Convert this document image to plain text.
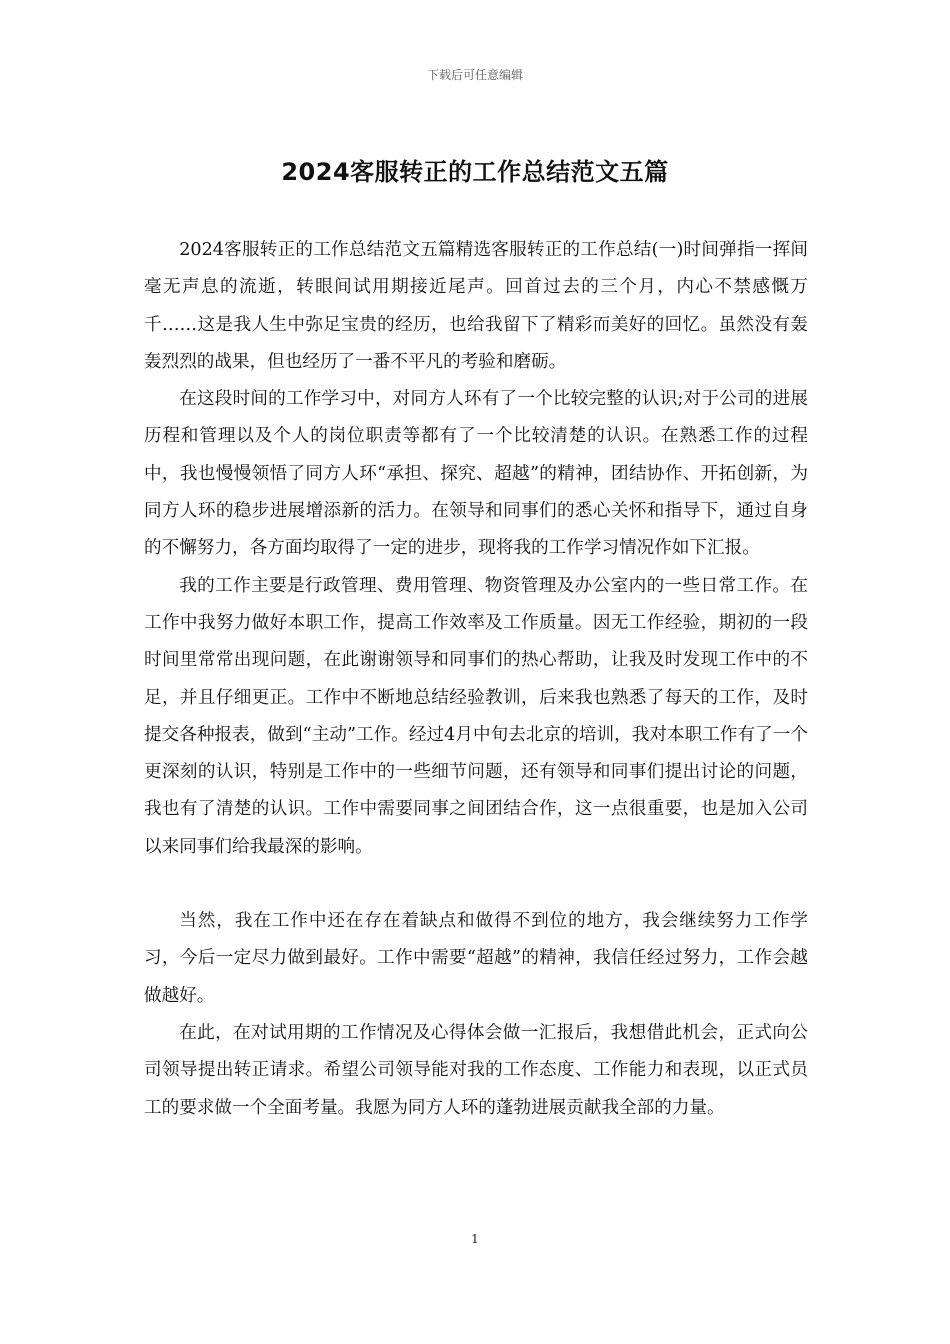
下载后可任意编辑
2024客服转正的工作总结范文五篇

2024客服转正的工作总结范文五篇精选客服转正的工作总结(一)时间弹指一挥间毫无声息的流逝，转眼间试用期接近尾声。回首过去的三个月，内心不禁感慨万千……这是我人生中弥足宝贵的经历，也给我留下了精彩而美好的回忆。虽然没有轰轰烈烈的战果，但也经历了一番不平凡的考验和磨砺。

在这段时间的工作学习中，对同方人环有了一个比较完整的认识;对于公司的进展历程和管理以及个人的岗位职责等都有了一个比较清楚的认识。在熟悉工作的过程中，我也慢慢领悟了同方人环“承担、探究、超越”的精神，团结协作、开拓创新，为同方人环的稳步进展增添新的活力。在领导和同事们的悉心关怀和指导下，通过自身的不懈努力，各方面均取得了一定的进步，现将我的工作学习情况作如下汇报。

我的工作主要是行政管理、费用管理、物资管理及办公室内的一些日常工作。在工作中我努力做好本职工作，提高工作效率及工作质量。因无工作经验，期初的一段时间里常常出现问题，在此谢谢领导和同事们的热心帮助，让我及时发现工作中的不足，并且仔细更正。工作中不断地总结经验教训，后来我也熟悉了每天的工作，及时提交各种报表，做到“主动”工作。经过4月中旬去北京的培训，我对本职工作有了一个更深刻的认识，特别是工作中的一些细节问题，还有领导和同事们提出讨论的问题，我也有了清楚的认识。工作中需要同事之间团结合作，这一点很重要，也是加入公司以来同事们给我最深的影响。

当然，我在工作中还在存在着缺点和做得不到位的地方，我会继续努力工作学习，今后一定尽力做到最好。工作中需要“超越”的精神，我信任经过努力，工作会越做越好。

在此，在对试用期的工作情况及心得体会做一汇报后，我想借此机会，正式向公司领导提出转正请求。希望公司领导能对我的工作态度、工作能力和表现，以正式员工的要求做一个全面考量。我愿为同方人环的蓬勃进展贡献我全部的力量。

1
